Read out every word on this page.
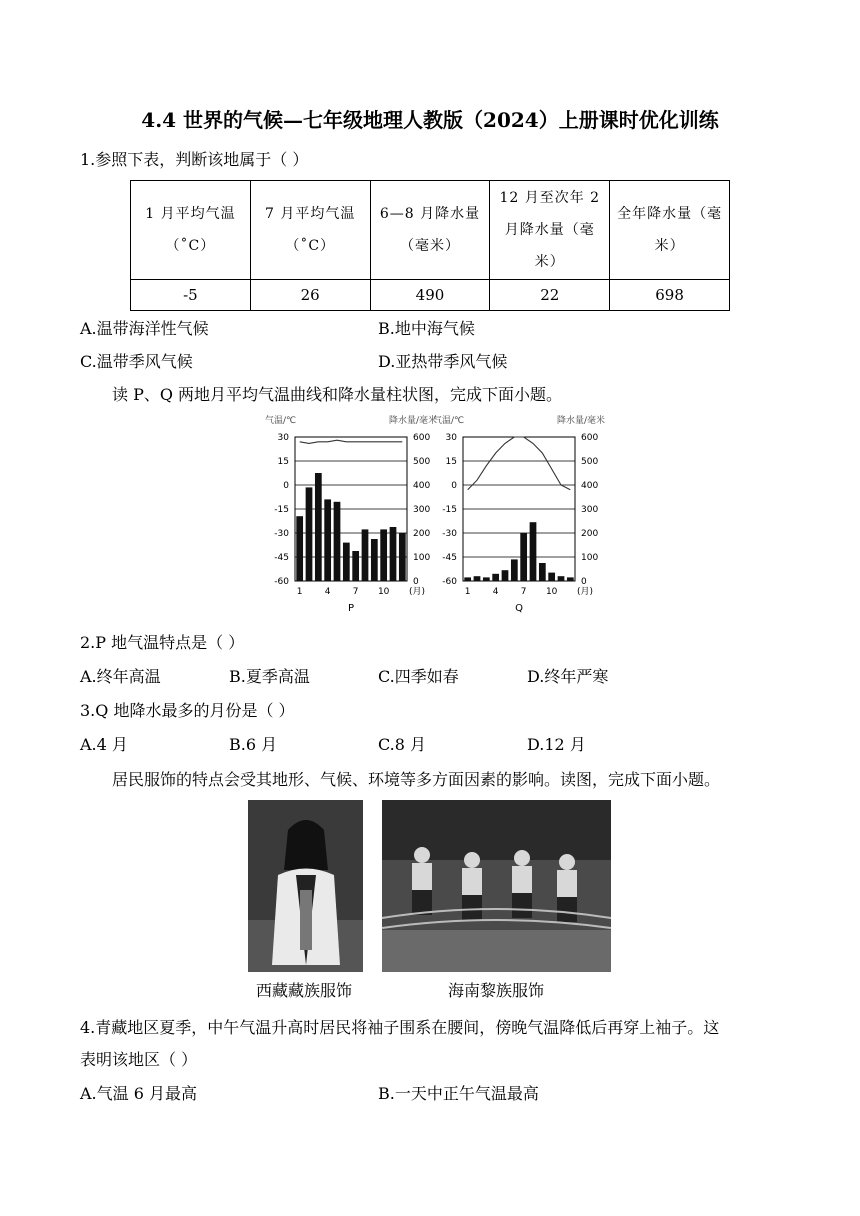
4.4 世界的气候—七年级地理人教版（2024）上册课时优化训练
1.参照下表，判断该地属于（ ）
1 月平均气温（˚C）	7 月平均气温（˚C）	6—8 月降水量（毫米）	12 月至次年 2 月降水量（毫米）	全年降水量（毫米）
-5	26	490	22	698
A.温带海洋性气候	B.地中海气候
C.温带季风气候	D.亚热带季风气候
读 P、Q 两地月平均气温曲线和降水量柱状图，完成下面小题。
气温/℃	降水量/毫米
30	600
15	500
0	400
-15	300
-30	200
-45	100
-60	0
1 4 7 10 (月)
P
气温/℃	降水量/毫米
30	600
15	500
0	400
-15	300
-30	200
-45	100
-60	0
1 4 7 10 (月)
Q
2.P 地气温特点是（ ）
A.终年高温	B.夏季高温	C.四季如春	D.终年严寒
3.Q 地降水最多的月份是（ ）
A.4 月	B.6 月	C.8 月	D.12 月
居民服饰的特点会受其地形、气候、环境等多方面因素的影响。读图，完成下面小题。
西藏藏族服饰	海南黎族服饰
4.青藏地区夏季，中午气温升高时居民将袖子围系在腰间，傍晚气温降低后再穿上袖子。这
表明该地区（ ）
A.气温 6 月最高	B.一天中正午气温最高
